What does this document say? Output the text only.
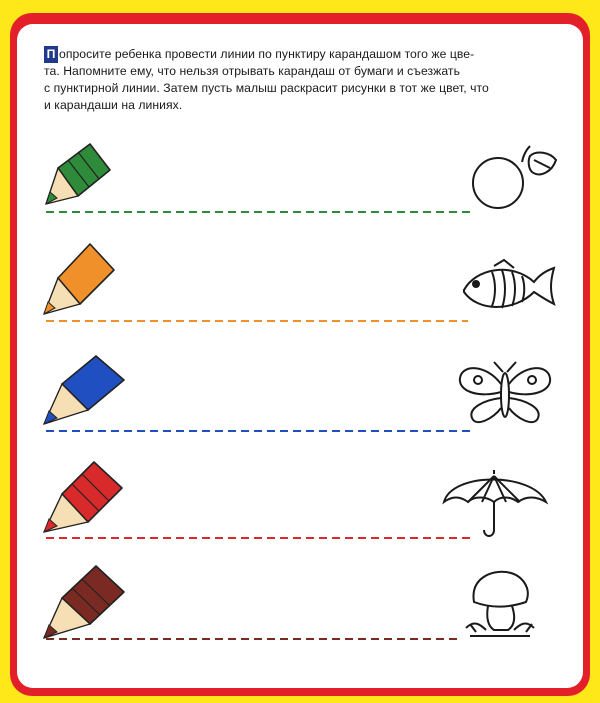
П опросите ребенка провести линии по пунктиру карандашом того же цве-
та. Напомните ему, что нельзя отрывать карандаш от бумаги и съезжать
с пунктирной линии. Затем пусть малыш раскрасит рисунки в тот же цвет, что
и карандаши на линиях.
